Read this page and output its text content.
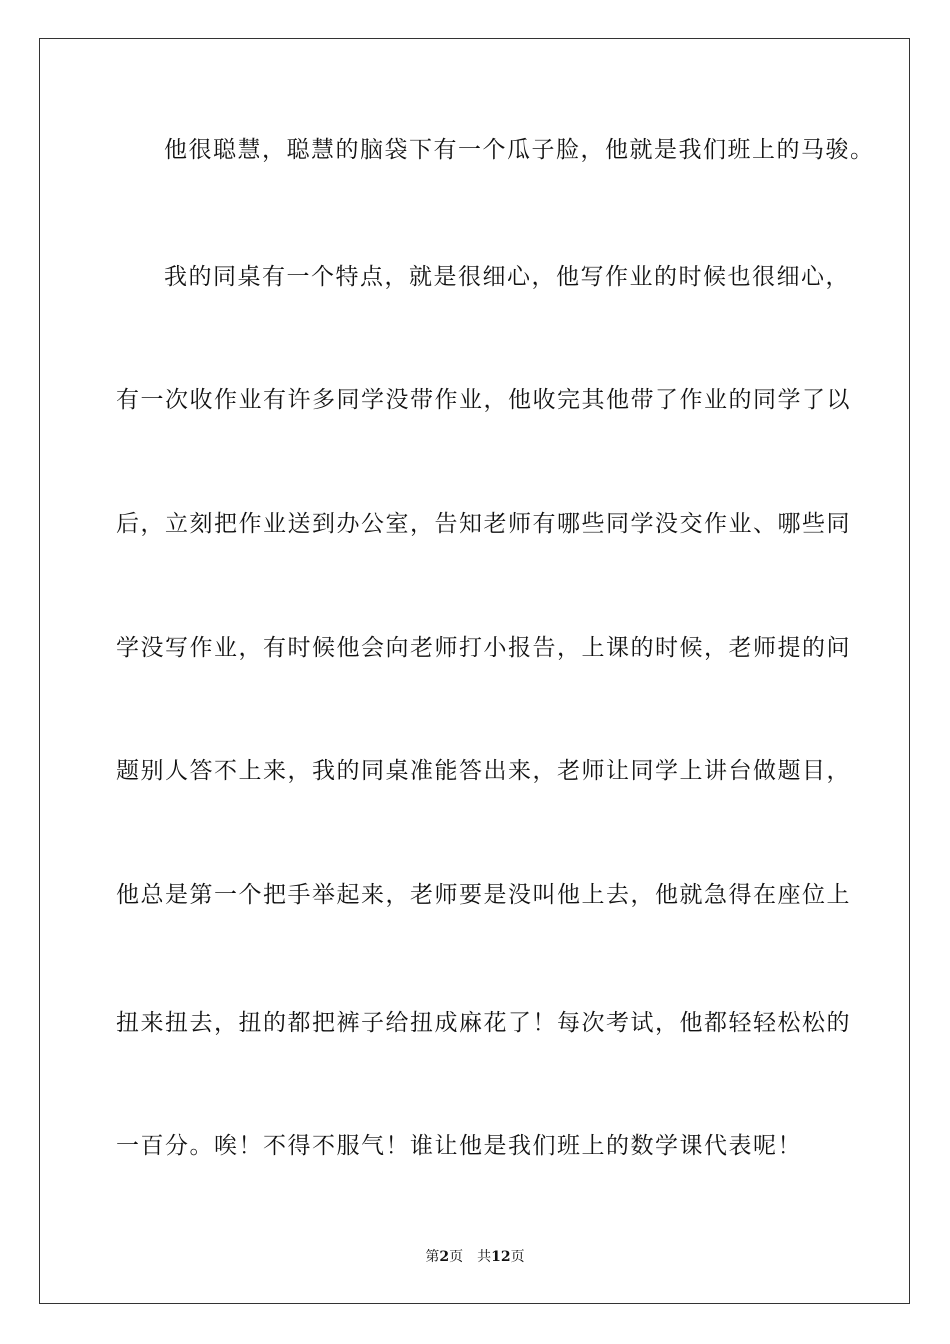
他很聪慧，聪慧的脑袋下有一个瓜子脸，他就是我们班上的马骏。
我的同桌有一个特点，就是很细心，他写作业的时候也很细心，
有一次收作业有许多同学没带作业，他收完其他带了作业的同学了以
后，立刻把作业送到办公室，告知老师有哪些同学没交作业、哪些同
学没写作业，有时候他会向老师打小报告，上课的时候，老师提的问
题别人答不上来，我的同桌准能答出来，老师让同学上讲台做题目，
他总是第一个把手举起来，老师要是没叫他上去，他就急得在座位上
扭来扭去，扭的都把裤子给扭成麻花了！每次考试，他都轻轻松松的
一百分。唉！不得不服气！谁让他是我们班上的数学课代表呢！
第2页 共12页
